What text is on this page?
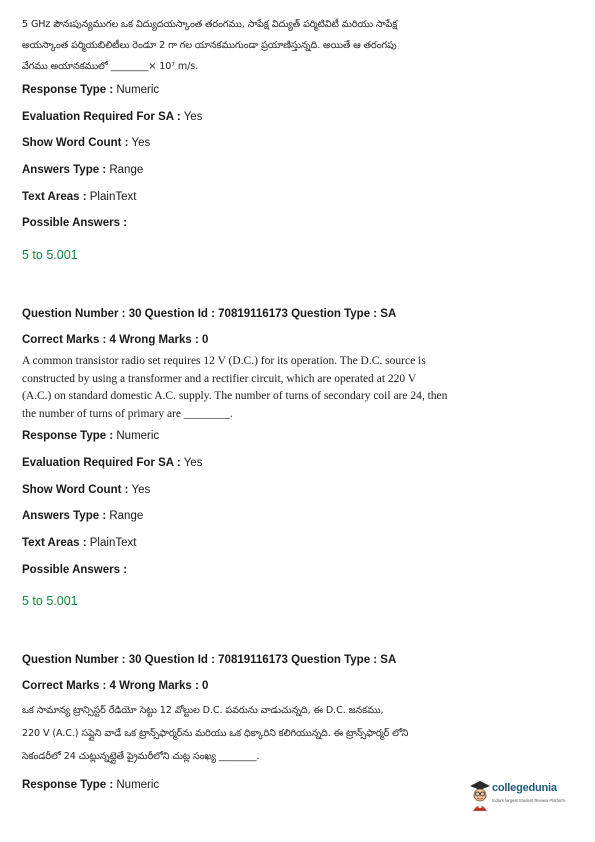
5 GHz పౌనఃపున్యముగల ఒక విద్యుదయస్కాంత తరంగము, సాపేక్ష విద్యుత్ పర్మిటివిటీ మరియు సాపేక్ష
అయస్కాంత పర్మియబిలిటీలు రెండూ 2 గా గల యానకముగుండా ప్రయాణిస్తున్నది. అయితే ఆ తరంగపు
వేగము అయానకములో ________× 10⁷ m/s.
Response Type : Numeric
Evaluation Required For SA : Yes
Show Word Count : Yes
Answers Type : Range
Text Areas : PlainText
Possible Answers :
5 to 5.001
Question Number : 30 Question Id : 70819116173 Question Type : SA
Correct Marks : 4 Wrong Marks : 0
A common transistor radio set requires 12 V (D.C.) for its operation. The D.C. source is
constructed by using a transformer and a rectifier circuit, which are operated at 220 V
(A.C.) on standard domestic A.C. supply. The number of turns of secondary coil are 24, then
the number of turns of primary are ________.
Response Type : Numeric
Evaluation Required For SA : Yes
Show Word Count : Yes
Answers Type : Range
Text Areas : PlainText
Possible Answers :
5 to 5.001
Question Number : 30 Question Id : 70819116173 Question Type : SA
Correct Marks : 4 Wrong Marks : 0
ఒక సామాన్య ట్రాన్సిస్టర్ రేడియో సెట్టు 12 వోల్టుల D.C. పవరును వాడుచున్నది, ఈ D.C. జనకము,
220 V (A.C.) సప్లైని వాడే ఒక ట్రాన్స్‌ఫార్మర్‌ను మరియు ఒక ధిక్కారిని కలిగియున్నది. ఈ ట్రాన్స్‌ఫార్మర్ లోని
సెకండరీలో 24 చుట్లున్నట్లైతే ప్రైమరీలోని చుట్ల సంఖ్య ________.
Response Type : Numeric	collegedunia
India's largest Student Review Platform
